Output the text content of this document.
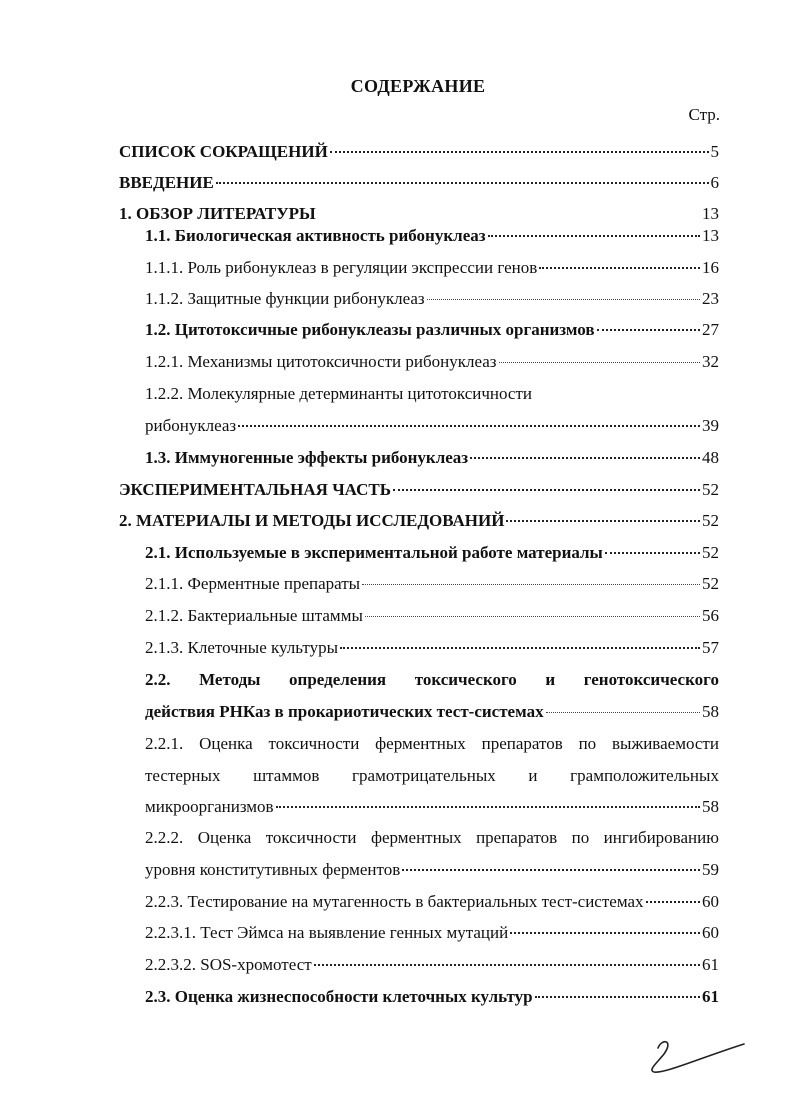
СОДЕРЖАНИЕ
Стр.
СПИСОК СОКРАЩЕНИЙ	5
ВВЕДЕНИЕ	6
1. ОБЗОР ЛИТЕРАТУРЫ	13
1.1. Биологическая активность рибонуклеаз	13
1.1.1. Роль рибонуклеаз в регуляции экспрессии генов	16
1.1.2. Защитные функции рибонуклеаз	23
1.2. Цитотоксичные рибонуклеазы различных организмов	27
1.2.1. Механизмы цитотоксичности рибонуклеаз	32
1.2.2. Молекулярные детерминанты цитотоксичности
рибонуклеаз	39
1.3. Иммуногенные эффекты рибонуклеаз	48
ЭКСПЕРИМЕНТАЛЬНАЯ ЧАСТЬ	52
2. МАТЕРИАЛЫ И МЕТОДЫ ИССЛЕДОВАНИЙ	52
2.1. Используемые в экспериментальной работе материалы	52
2.1.1. Ферментные препараты	52
2.1.2. Бактериальные штаммы	56
2.1.3. Клеточные культуры	57
2.2. Методы определения токсического и генотоксического
действия РНКаз в прокариотических тест-системах	58
2.2.1. Оценка токсичности ферментных препаратов по выживаемости
тестерных штаммов грамотрицательных и грамположительных
микроорганизмов	58
2.2.2. Оценка токсичности ферментных препаратов по ингибированию
уровня конститутивных ферментов	59
2.2.3. Тестирование на мутагенность в бактериальных тест-системах	60
2.2.3.1. Тест Эймса на выявление генных мутаций	60
2.2.3.2. SOS-хромотест	61
2.3. Оценка жизнеспособности клеточных культур	61
